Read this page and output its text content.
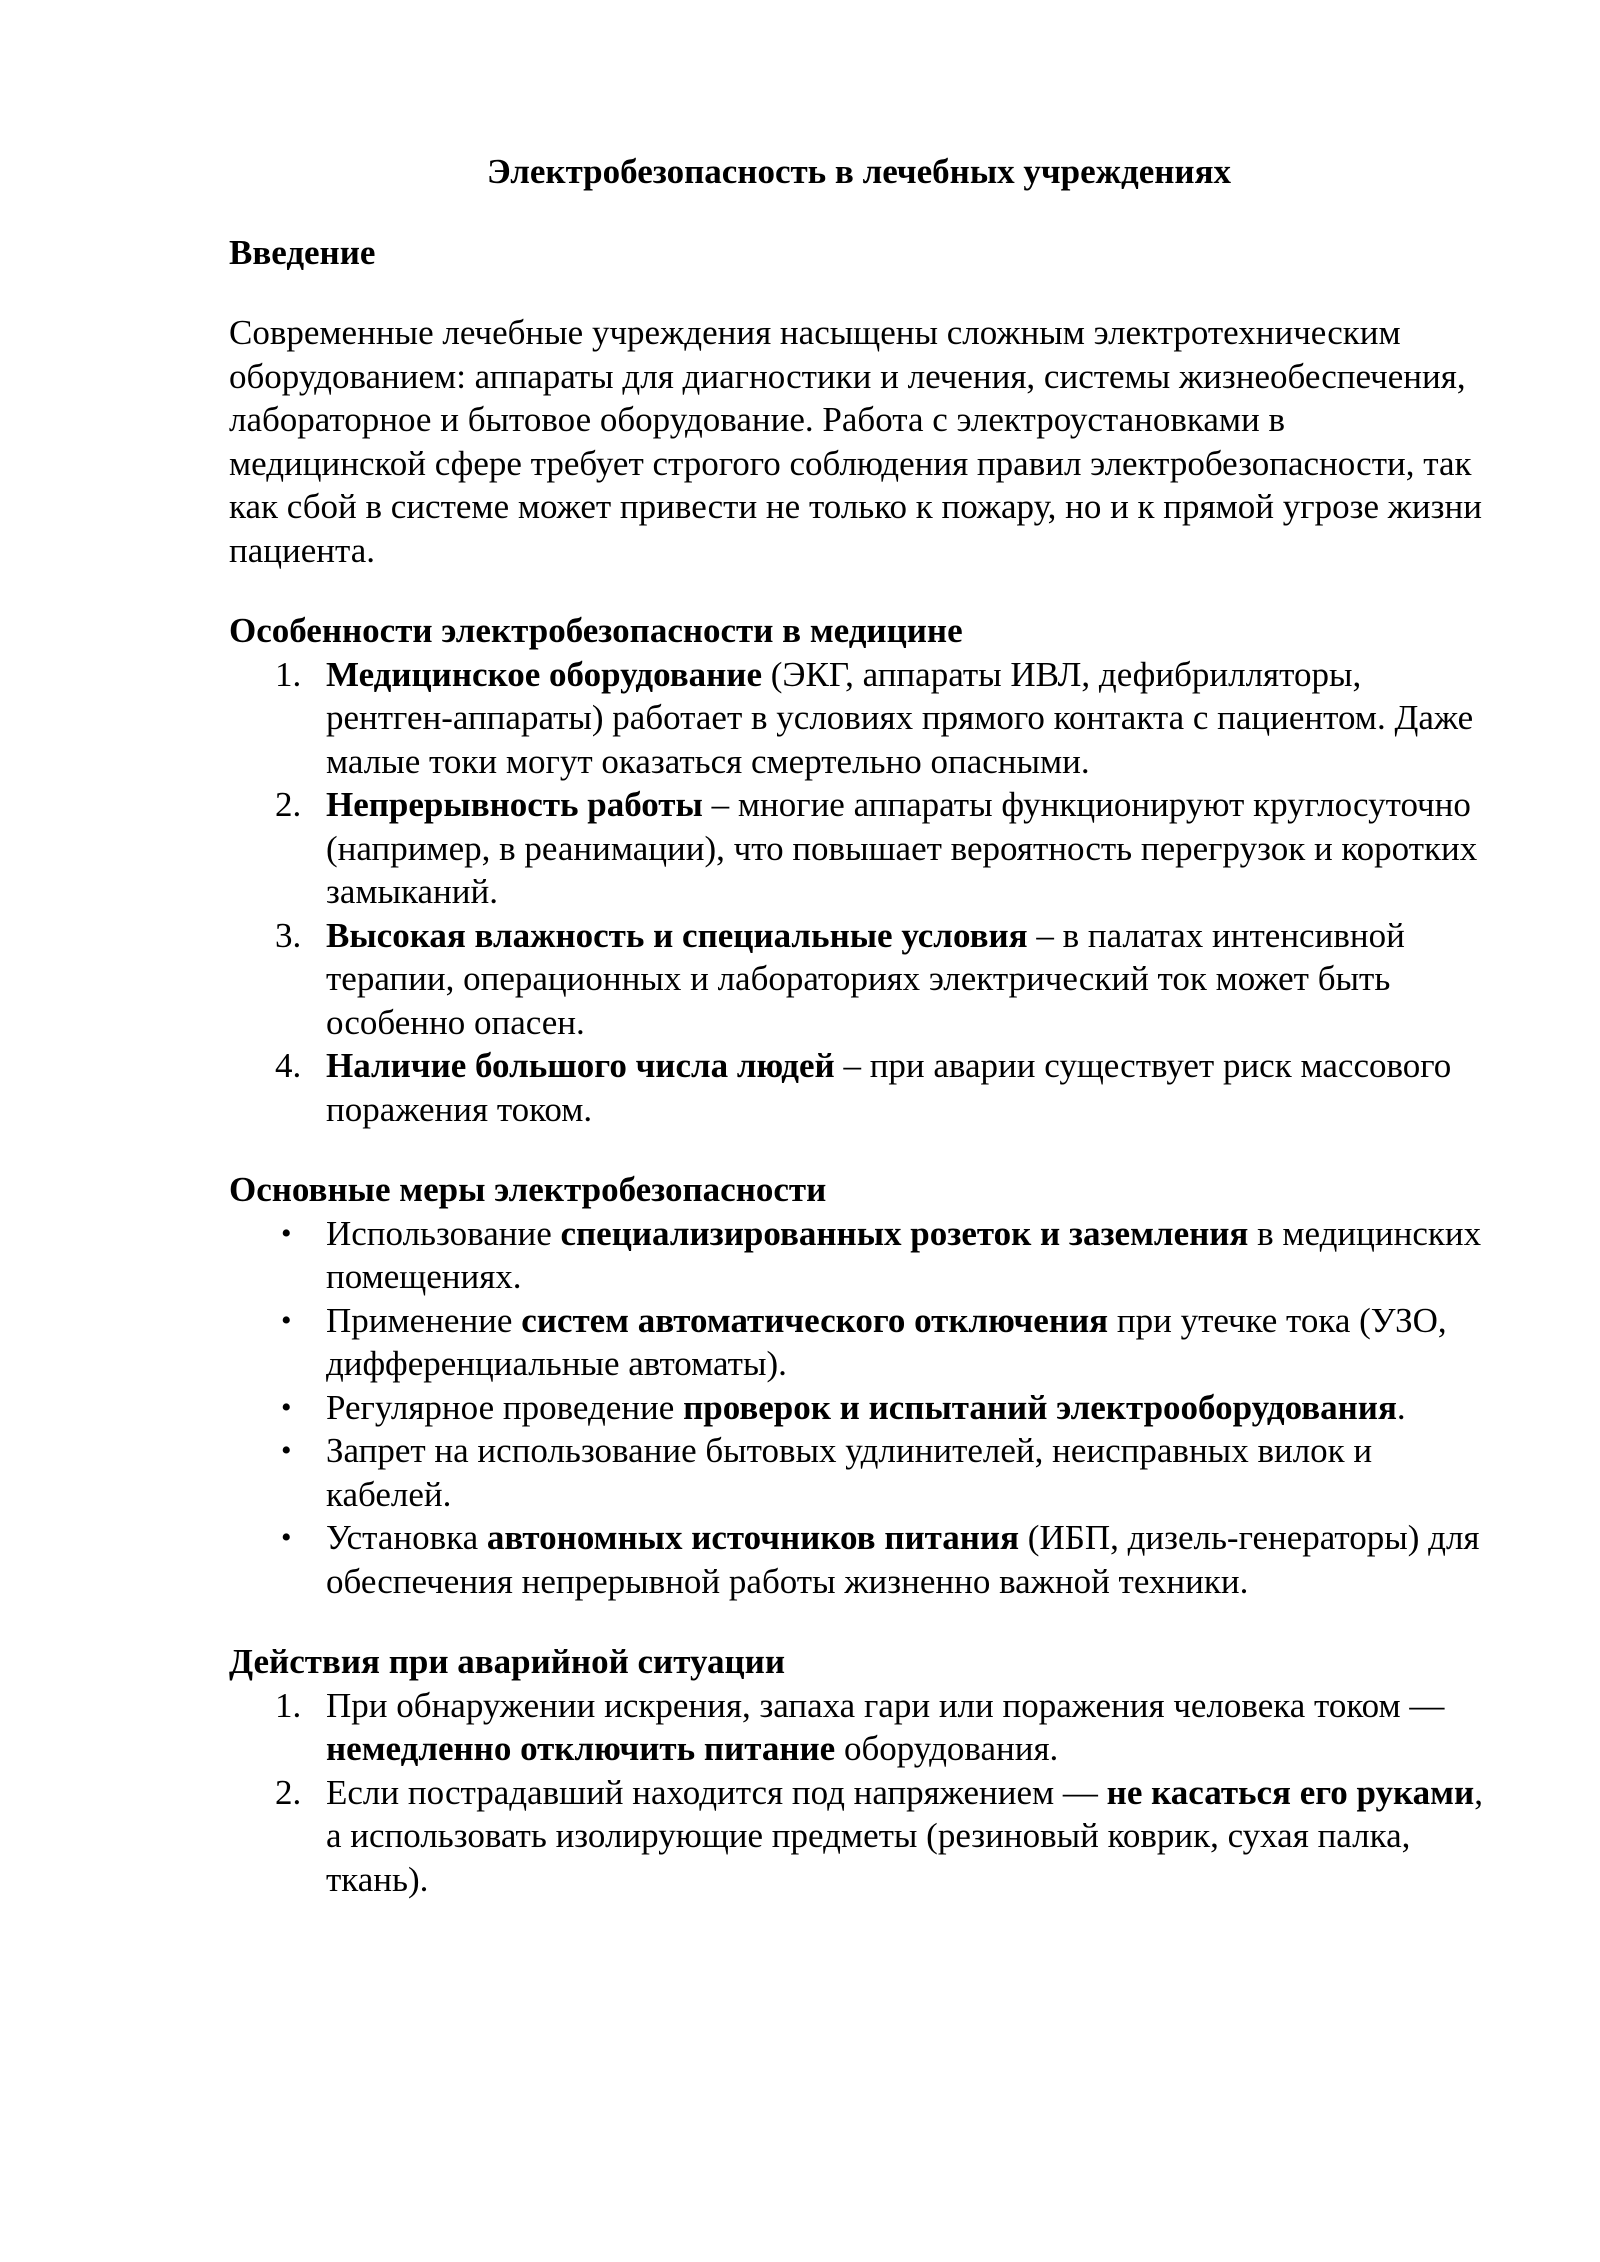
Электробезопасность в лечебных учреждениях
Введение

Современные лечебные учреждения насыщены сложным электротехническим оборудованием: аппараты для диагностики и лечения, системы жизнеобеспечения, лабораторное и бытовое оборудование. Работа с электроустановками в медицинской сфере требует строгого соблюдения правил электробезопасности, так как сбой в системе может привести не только к пожару, но и к прямой угрозе жизни пациента.

Особенности электробезопасности в медицине
1. Медицинское оборудование (ЭКГ, аппараты ИВЛ, дефибрилляторы, рентген-аппараты) работает в условиях прямого контакта с пациентом. Даже малые токи могут оказаться смертельно опасными.
2. Непрерывность работы – многие аппараты функционируют круглосуточно (например, в реанимации), что повышает вероятность перегрузок и коротких замыканий.
3. Высокая влажность и специальные условия – в палатах интенсивной терапии, операционных и лабораториях электрический ток может быть особенно опасен.
4. Наличие большого числа людей – при аварии существует риск массового поражения током.
Основные меры электробезопасности
• Использование специализированных розеток и заземления в медицинских помещениях.
• Применение систем автоматического отключения при утечке тока (УЗО, дифференциальные автоматы).
• Регулярное проведение проверок и испытаний электрооборудования.
• Запрет на использование бытовых удлинителей, неисправных вилок и кабелей.
• Установка автономных источников питания (ИБП, дизель-генераторы) для обеспечения непрерывной работы жизненно важной техники.
Действия при аварийной ситуации
1. При обнаружении искрения, запаха гари или поражения человека током — немедленно отключить питание оборудования.
2. Если пострадавший находится под напряжением — не касаться его руками, а использовать изолирующие предметы (резиновый коврик, сухая палка, ткань).
